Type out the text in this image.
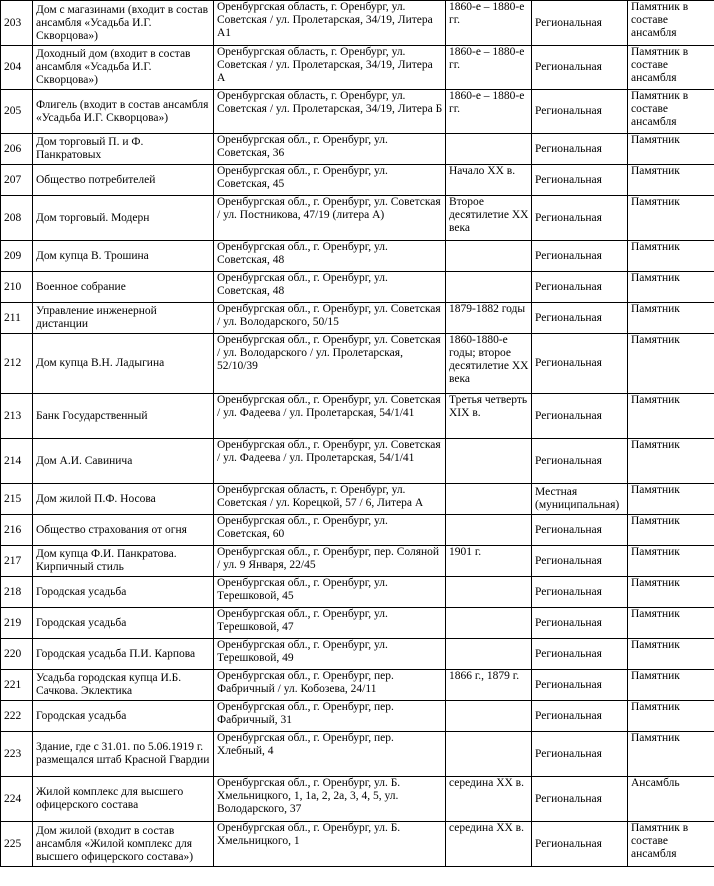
203	Дом с магазинами (входит в состав ансамбля «Усадьба И.Г. Скворцова»)	Оренбургская область, г. Оренбург, ул. Советская / ул. Пролетарская, 34/19, Литера А1	1860-е – 1880-е гг.	Региональная	Памятник в составе ансамбля
204	Доходный дом (входит в состав ансамбля «Усадьба И.Г. Скворцова»)	Оренбургская область, г. Оренбург, ул. Советская / ул. Пролетарская, 34/19, Литера А	1860-е – 1880-е гг.	Региональная	Памятник в составе ансамбля
205	Флигель (входит в состав ансамбля «Усадьба И.Г. Скворцова»)	Оренбургская область, г. Оренбург, ул. Советская / ул. Пролетарская, 34/19, Литера Б	1860-е – 1880-е гг.	Региональная	Памятник в составе ансамбля
206	Дом торговый П. и Ф. Панкратовых	Оренбургская обл., г. Оренбург, ул. Советская, 36		Региональная	Памятник
207	Общество потребителей	Оренбургская обл., г. Оренбург, ул. Советская, 45	Начало ХХ в.	Региональная	Памятник
208	Дом торговый. Модерн	Оренбургская обл., г. Оренбург, ул. Советская / ул. Постникова, 47/19 (литера А)	Второе десятилетие ХХ века	Региональная	Памятник
209	Дом купца В. Трошина	Оренбургская обл., г. Оренбург, ул. Советская, 48		Региональная	Памятник
210	Военное собрание	Оренбургская обл., г. Оренбург, ул. Советская, 48		Региональная	Памятник
211	Управление инженерной дистанции	Оренбургская обл., г. Оренбург, ул. Советская / ул. Володарского, 50/15	1879-1882 годы	Региональная	Памятник
212	Дом купца В.Н. Ладыгина	Оренбургская обл., г. Оренбург, ул. Советская / ул. Володарского / ул. Пролетарская, 52/10/39	1860-1880-е годы; второе десятилетие ХХ века	Региональная	Памятник
213	Банк Государственный	Оренбургская обл., г. Оренбург, ул. Советская / ул. Фадеева / ул. Пролетарская, 54/1/41	Третья четверть XIX в.	Региональная	Памятник
214	Дом А.И. Савинича	Оренбургская обл., г. Оренбург, ул. Советская / ул. Фадеева / ул. Пролетарская, 54/1/41		Региональная	Памятник
215	Дом жилой П.Ф. Носова	Оренбургская область, г. Оренбург, ул. Советская / ул. Корецкой, 57 / 6, Литера А		Местная (муниципальная)	Памятник
216	Общество страхования от огня	Оренбургская обл., г. Оренбург, ул. Советская, 60		Региональная	Памятник
217	Дом купца Ф.И. Панкратова. Кирпичный стиль	Оренбургская обл., г. Оренбург, пер. Соляной / ул. 9 Января, 22/45	1901 г.	Региональная	Памятник
218	Городская усадьба	Оренбургская обл., г. Оренбург, ул. Терешковой, 45		Региональная	Памятник
219	Городская усадьба	Оренбургская обл., г. Оренбург, ул. Терешковой, 47		Региональная	Памятник
220	Городская усадьба П.И. Карпова	Оренбургская обл., г. Оренбург, ул. Терешковой, 49		Региональная	Памятник
221	Усадьба городская купца И.Б. Сачкова. Эклектика	Оренбургская обл., г. Оренбург, пер. Фабричный / ул. Кобозева, 24/11	1866 г., 1879 г.	Региональная	Памятник
222	Городская усадьба	Оренбургская обл., г. Оренбург, пер. Фабричный, 31		Региональная	Памятник
223	Здание, где с 31.01. по 5.06.1919 г. размещался штаб Красной Гвардии	Оренбургская обл., г. Оренбург, пер. Хлебный, 4		Региональная	Памятник
224	Жилой комплекс для высшего офицерского состава	Оренбургская обл., г. Оренбург, ул. Б. Хмельницкого, 1, 1а, 2, 2а, 3, 4, 5, ул. Володарского, 37	середина ХХ в.	Региональная	Ансамбль
225	Дом жилой (входит в состав ансамбля «Жилой комплекс для высшего офицерского состава»)	Оренбургская обл., г. Оренбург, ул. Б. Хмельницкого, 1	середина ХХ в.	Региональная	Памятник в составе ансамбля
